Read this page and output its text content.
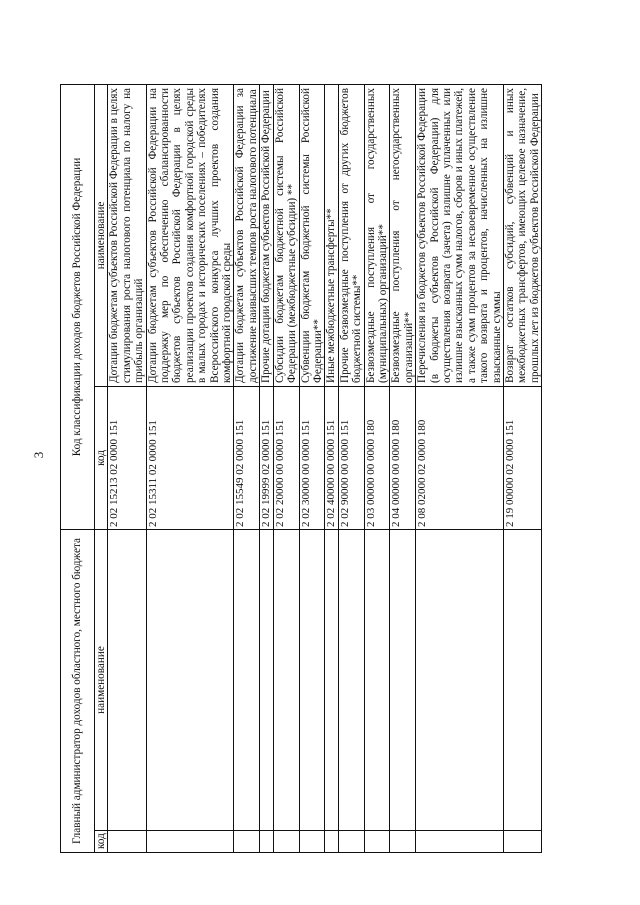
3
Главный администратор доходов областного, местного бюджета		Код классификации доходов бюджетов Российской Федерации	
код	наименование	код	наименование
		2 02 15213 02 0000 151	Дотации бюджетам субъектов Российской Федерации в целях стимулирования роста налогового потенциала по налогу на прибыль организаций
		2 02 15311 02 0000 151	Дотации бюджетам субъектов Российской Федерации на поддержку мер по обеспечению сбалансированности бюджетов субъектов Российской Федерации в целях реализации проектов создания комфортной городской среды в малых городах и исторических поселениях – победителях Всероссийского конкурса лучших проектов создания комфортной городской среды
		2 02 15549 02 0000 151	Дотации бюджетам субъектов Российской Федерации за достижение наивысших темпов роста налогового потенциала
		2 02 19999 02 0000 151	Прочие дотации бюджетам субъектов Российской Федерации
		2 02 20000 00 0000 151	Субсидии бюджетам бюджетной системы Российской Федерации (межбюджетные субсидии) **
		2 02 30000 00 0000 151	Субвенции бюджетам бюджетной системы Российской Федерации**
		2 02 40000 00 0000 151	Иные межбюджетные трансферты**
		2 02 90000 00 0000 151	Прочие безвозмездные поступления от других бюджетов бюджетной системы**
		2 03 00000 00 0000 180	Безвозмездные поступления от государственных (муниципальных) организаций**
		2 04 00000 00 0000 180	Безвозмездные поступления от негосударственных организаций**
		2 08 02000 02 0000 180	Перечисления из бюджетов субъектов Российской Федерации (в бюджеты субъектов Российской Федерации) для осуществления возврата (зачета) излишне уплаченных или излишне взысканных сумм налогов, сборов и иных платежей, а также сумм процентов за несвоевременное осуществление такого возврата и процентов, начисленных на излишне взысканные суммы
		2 19 00000 02 0000 151	Возврат остатков субсидий, субвенций и иных межбюджетных трансфертов, имеющих целевое назначение, прошлых лет из бюджетов субъектов Российской Федерации
